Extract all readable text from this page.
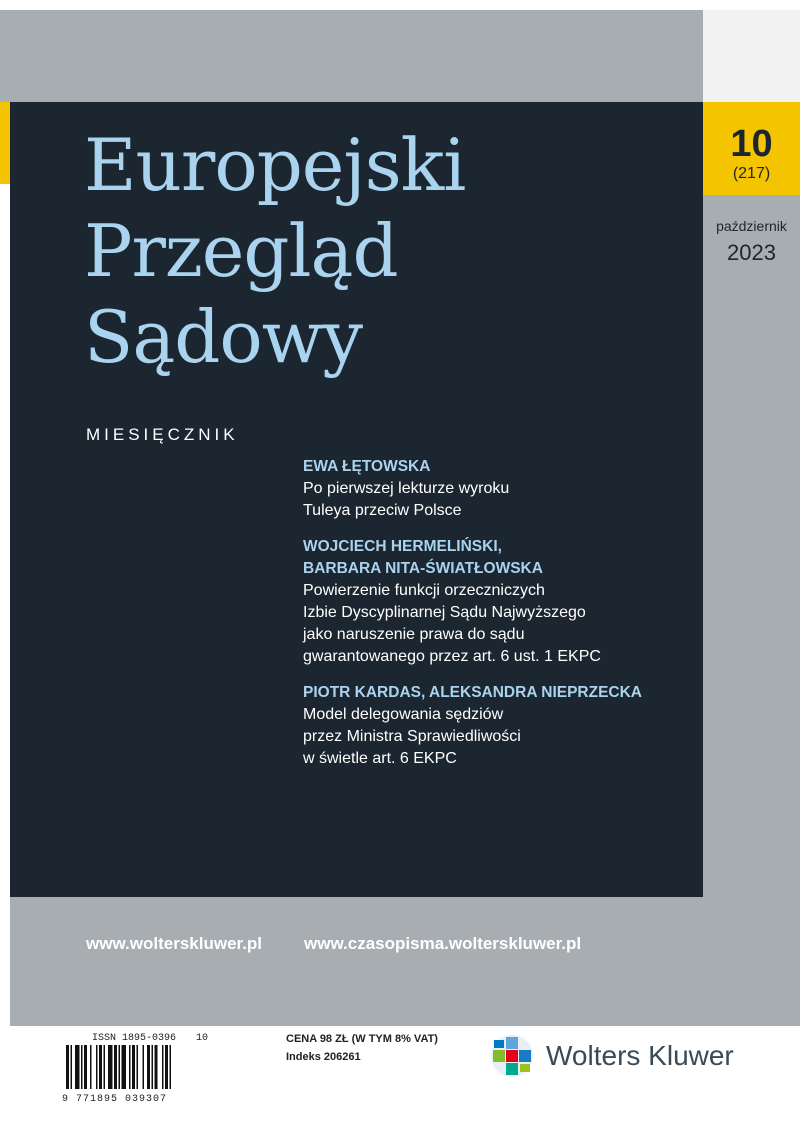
10
(217)
październik
2023
Europejski
Przegląd
Sądowy
MIESIĘCZNIK
EWA ŁĘTOWSKA
Po pierwszej lekturze wyroku
Tuleya przeciw Polsce
WOJCIECH HERMELIŃSKI,
BARBARA NITA-ŚWIATŁOWSKA
Powierzenie funkcji orzeczniczych
Izbie Dyscyplinarnej Sądu Najwyższego
jako naruszenie prawa do sądu
gwarantowanego przez art. 6 ust. 1 EKPC
PIOTR KARDAS, ALEKSANDRA NIEPRZECKA
Model delegowania sędziów
przez Ministra Sprawiedliwości
w świetle art. 6 EKPC
www.wolterskluwer.pl www.czasopisma.wolterskluwer.pl
ISSN 1895-0396
9 771895 039307
10	CENA 98 ZŁ (W TYM 8% VAT)
Indeks 206261	Wolters Kluwer
